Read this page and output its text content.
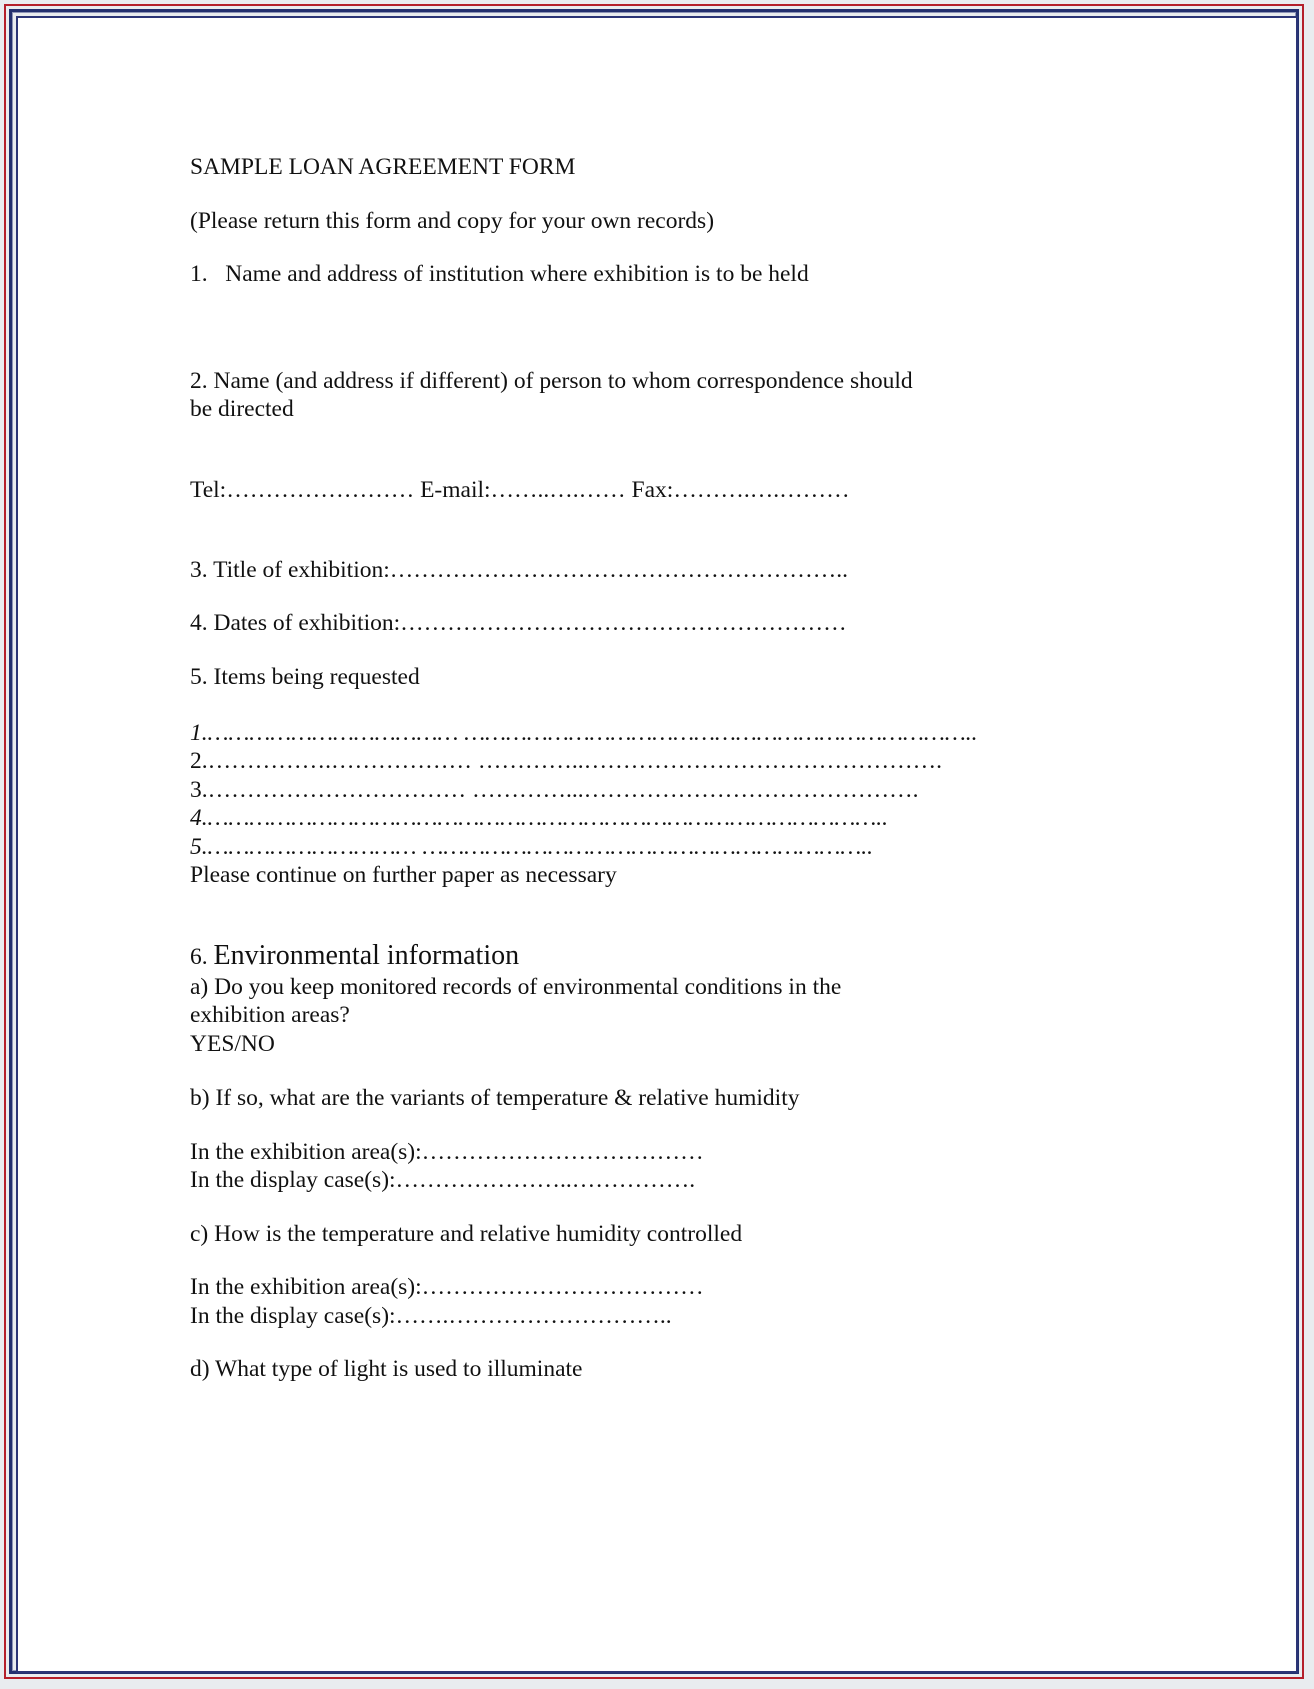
SAMPLE LOAN AGREEMENT FORM
(Please return this form and copy for your own records)
1.   Name and address of institution where exhibition is to be held
2. Name (and address if different) of person to whom correspondence should
be directed
Tel:…………………… E-mail:……..….…… Fax:……….….………
3. Title of exhibition:…………………………………………………..
4. Dates of exhibition:…………………………………………………
5. Items being requested
1.……………………………… ………………………………………………………………..
2.…………….……………… …………..……………………………………….
3.…………………………… …………...…………………………………….
4.……………………………………………………………………………………..
5.………………………… ………………………………………………………..
Please continue on further paper as necessary
6. Environmental information
a) Do you keep monitored records of environmental conditions in the
exhibition areas?
YES/NO
b) If so, what are the variants of temperature & relative humidity
In the exhibition area(s):………………………………
In the display case(s):…………………..…………….
c) How is the temperature and relative humidity controlled
In the exhibition area(s):………………………………
In the display case(s):…….………………………..
d) What type of light is used to illuminate
